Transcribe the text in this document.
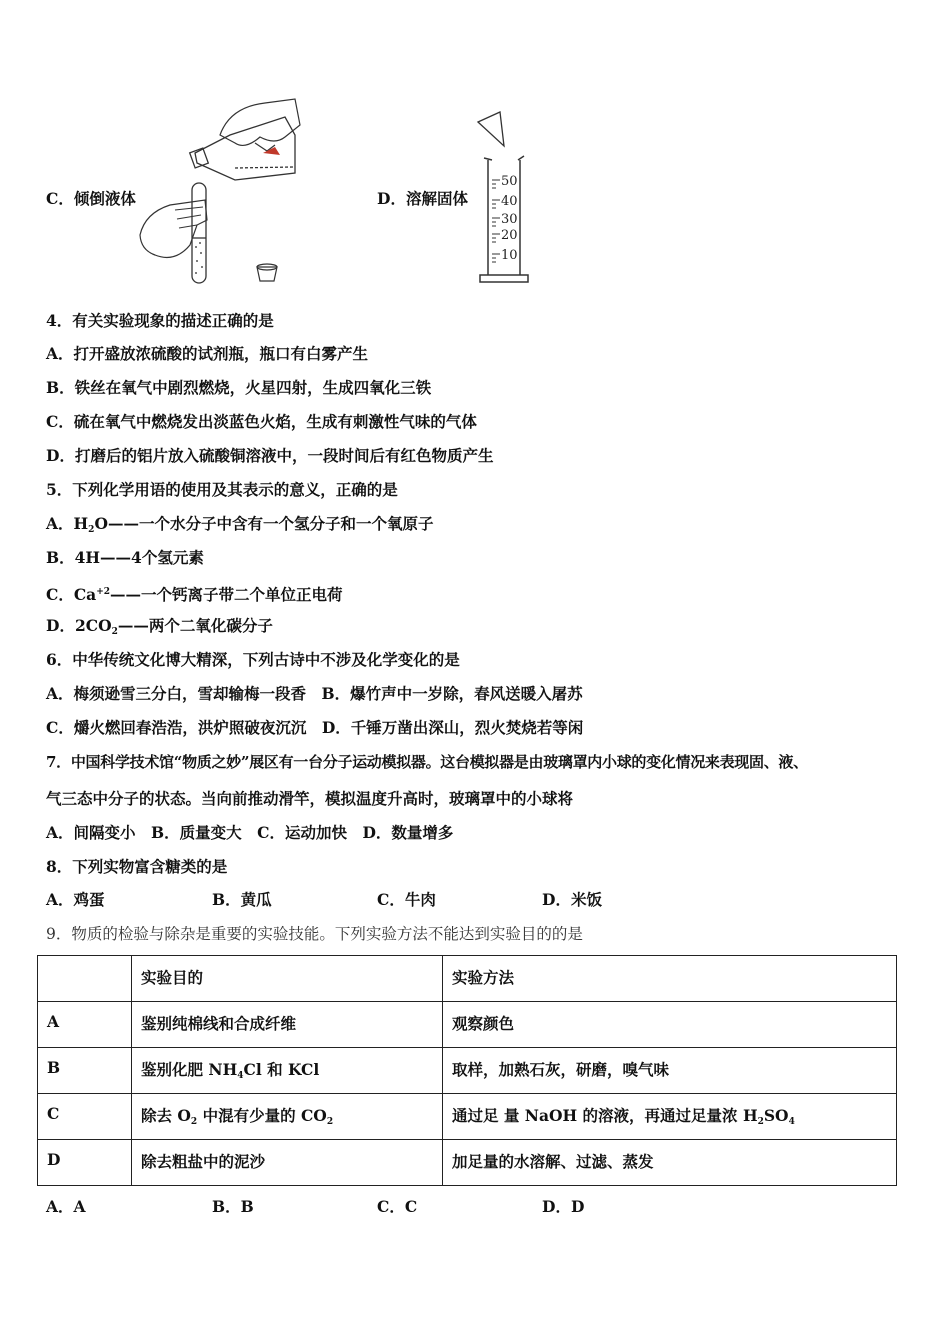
C．倾倒液体	D．溶解固体
50
40
30
20
10
4．有关实验现象的描述正确的是
A．打开盛放浓硫酸的试剂瓶，瓶口有白雾产生
B．铁丝在氧气中剧烈燃烧，火星四射，生成四氧化三铁
C．硫在氧气中燃烧发出淡蓝色火焰，生成有刺激性气味的气体
D．打磨后的铝片放入硫酸铜溶液中，一段时间后有红色物质产生
5．下列化学用语的使用及其表示的意义，正确的是
A．$H_2O——$一个水分子中含有一个氢分子和一个氧原子
B．4H——4个氢元素
C．$Ca^{+2}——$一个钙离子带二个单位正电荷
D．$2CO_2——$两个二氧化碳分子
6．中华传统文化博大精深，下列古诗中不涉及化学变化的是
A．梅须逊雪三分白，雪却输梅一段香　B．爆竹声中一岁除，春风送暖入屠苏
C．爝火燃回春浩浩，洪炉照破夜沉沉　D．千锤万凿出深山，烈火焚烧若等闲
7．中国科学技术馆“物质之妙”展区有一台分子运动模拟器。这台模拟器是由玻璃罩内小球的变化情况来表现固、液、
气三态中分子的状态。当向前推动滑竿，模拟温度升高时，玻璃罩中的小球将
A．间隔变小　B．质量变大　C．运动加快　D．数量增多
8．下列实物富含糖类的是
A．鸡蛋	B．黄瓜	C．牛肉	D．米饭
9．物质的检验与除杂是重要的实验技能。下列实验方法不能达到实验目的的是
	实验目的	实验方法
A	鉴别纯棉线和合成纤维	观察颜色
B	鉴别化肥 $NH_4Cl$ 和 KCl	取样，加熟石灰，研磨，嗅气味
C	除去 $O_2$ 中混有少量的 $CO_2$	通过足 量 NaOH 的溶液，再通过足量浓 $H_2SO_4$
D	除去粗盐中的泥沙	加足量的水溶解、过滤、蒸发
A．A	B．B	C．C	D．D
